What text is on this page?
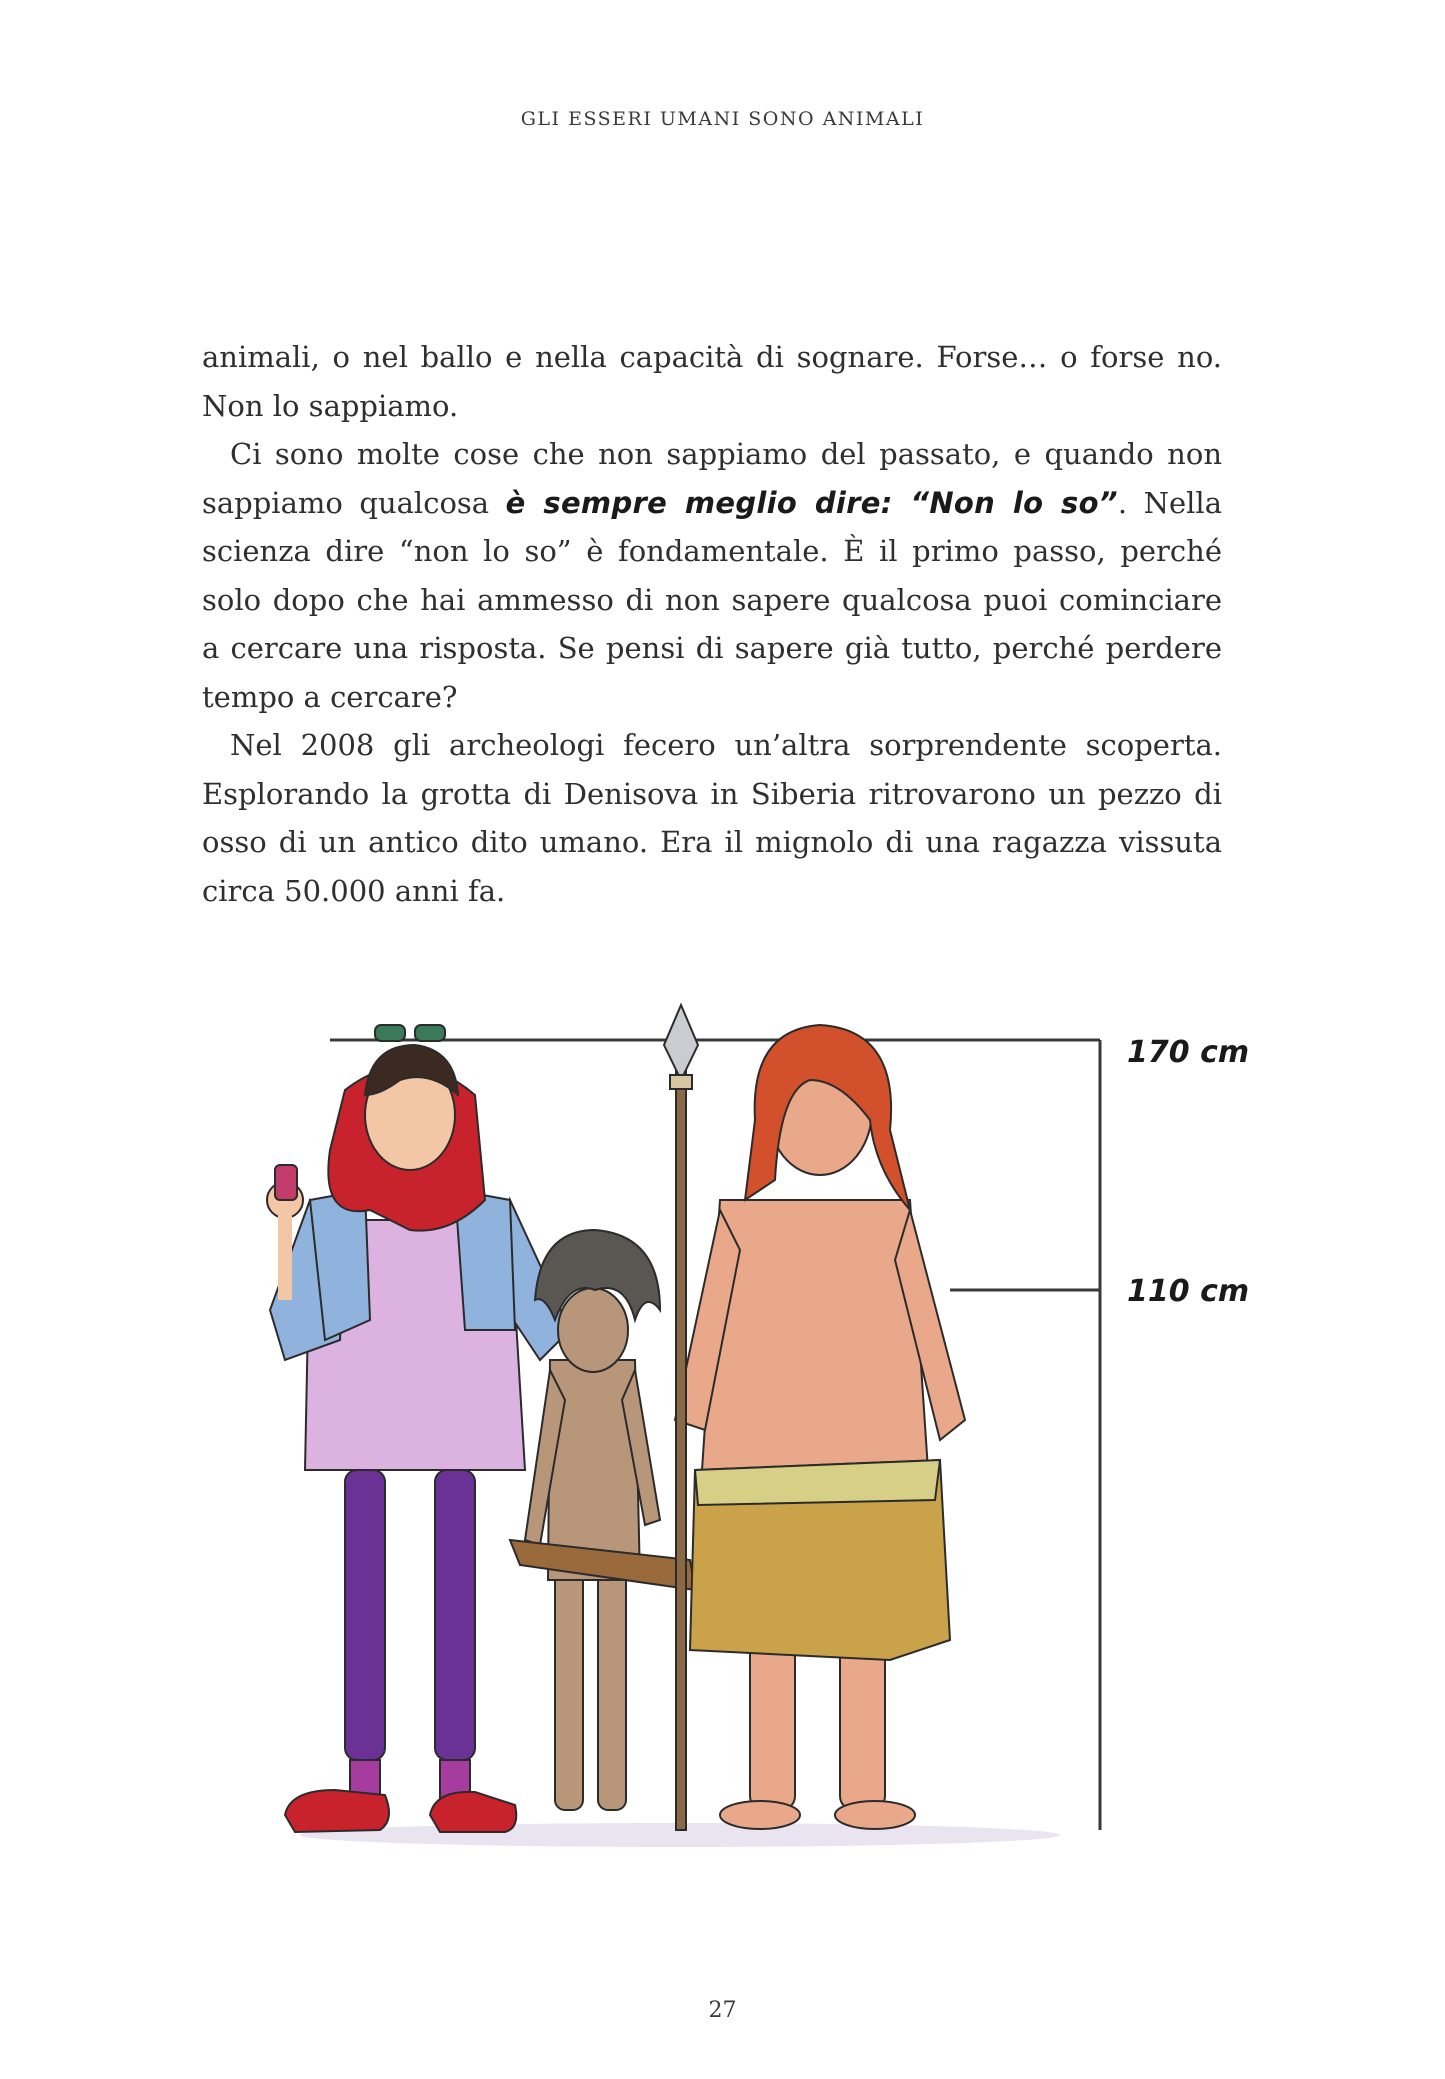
GLI ESSERI UMANI SONO ANIMALI

animali, o nel ballo e nella capacità di sognare. Forse… o forse no. Non lo sappiamo.

Ci sono molte cose che non sappiamo del passato, e quando non sappiamo qualcosa è sempre meglio dire: “Non lo so”. Nella scienza dire “non lo so” è fondamentale. È il primo passo, perché solo dopo che hai ammesso di non sapere qualcosa puoi cominciare a cercare una risposta. Se pensi di sapere già tutto, perché perdere tempo a cercare?

Nel 2008 gli archeologi fecero un’altra sorprendente scoperta. Esplorando la grotta di Denisova in Siberia ritrovarono un pezzo di osso di un antico dito umano. Era il mignolo di una ragazza vissuta circa 50.000 anni fa.

170 cm
110 cm
27
